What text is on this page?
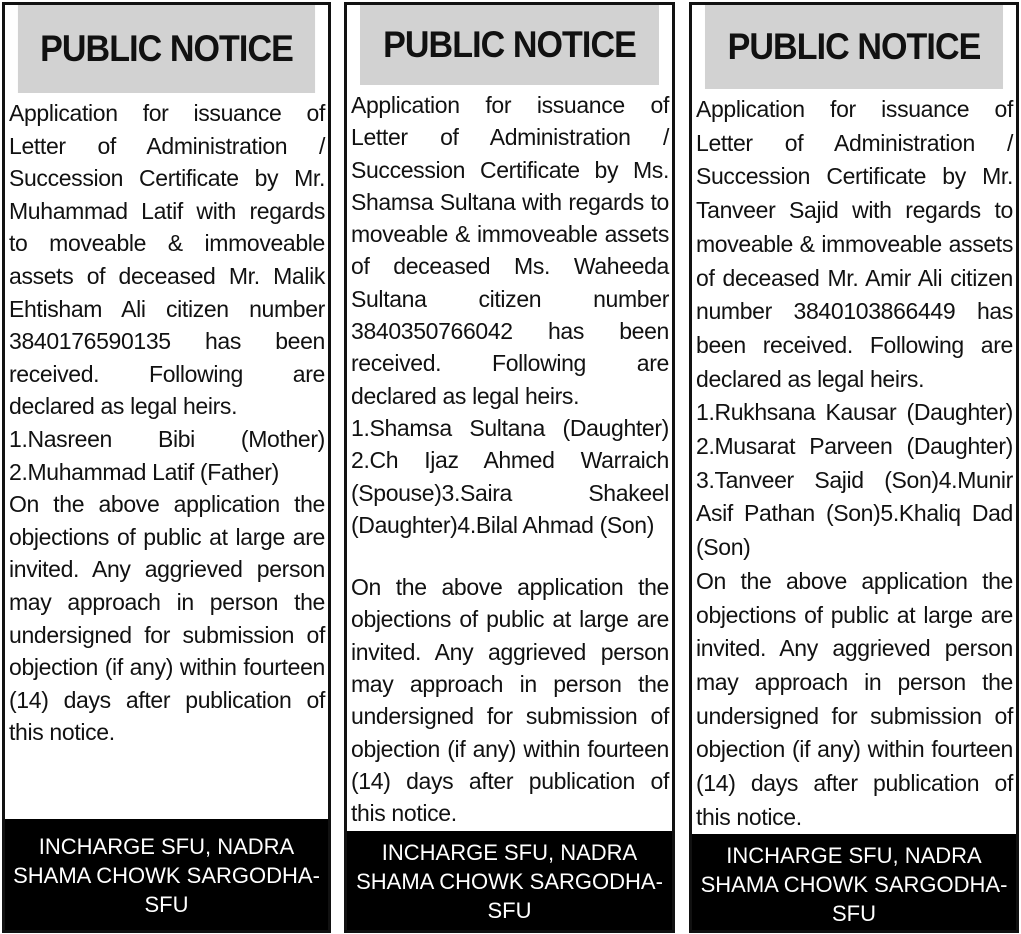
PUBLIC NOTICE

Application for issuance of Letter of Administration / Succession Certificate by Mr. Muhammad Latif with regards to moveable & immoveable assets of deceased Mr. Malik Ehtisham Ali citizen number 3840176590135 has been received. Following are declared as legal heirs.

1.Nasreen Bibi (Mother) 2.Muhammad Latif (Father)

On the above application the objections of public at large are invited. Any aggrieved person may approach in person the undersigned for submission of objection (if any) within fourteen (14) days after publication of this notice.

INCHARGE SFU, NADRA
SHAMA CHOWK SARGODHA-
SFU
PUBLIC NOTICE

Application for issuance of Letter of Administration / Succession Certificate by Ms. Shamsa Sultana with regards to moveable & immoveable assets of deceased Ms. Waheeda Sultana citizen number 3840350766042 has been received. Following are declared as legal heirs.

1.Shamsa Sultana (Daughter) 2.Ch Ijaz Ahmed Warraich (Spouse)3.Saira Shakeel (Daughter)4.Bilal Ahmad (Son)

On the above application the objections of public at large are invited. Any aggrieved person may approach in person the undersigned for submission of objection (if any) within fourteen (14) days after publication of this notice.

INCHARGE SFU, NADRA
SHAMA CHOWK SARGODHA-
SFU
PUBLIC NOTICE

Application for issuance of Letter of Administration / Succession Certificate by Mr. Tanveer Sajid with regards to moveable & immoveable assets of deceased Mr. Amir Ali citizen number 3840103866449 has been received. Following are declared as legal heirs.

1.Rukhsana Kausar (Daughter) 2.Musarat Parveen (Daughter) 3.Tanveer Sajid (Son)4.Munir Asif Pathan (Son)5.Khaliq Dad (Son)

On the above application the objections of public at large are invited. Any aggrieved person may approach in person the undersigned for submission of objection (if any) within fourteen (14) days after publication of this notice.

INCHARGE SFU, NADRA
SHAMA CHOWK SARGODHA-
SFU
